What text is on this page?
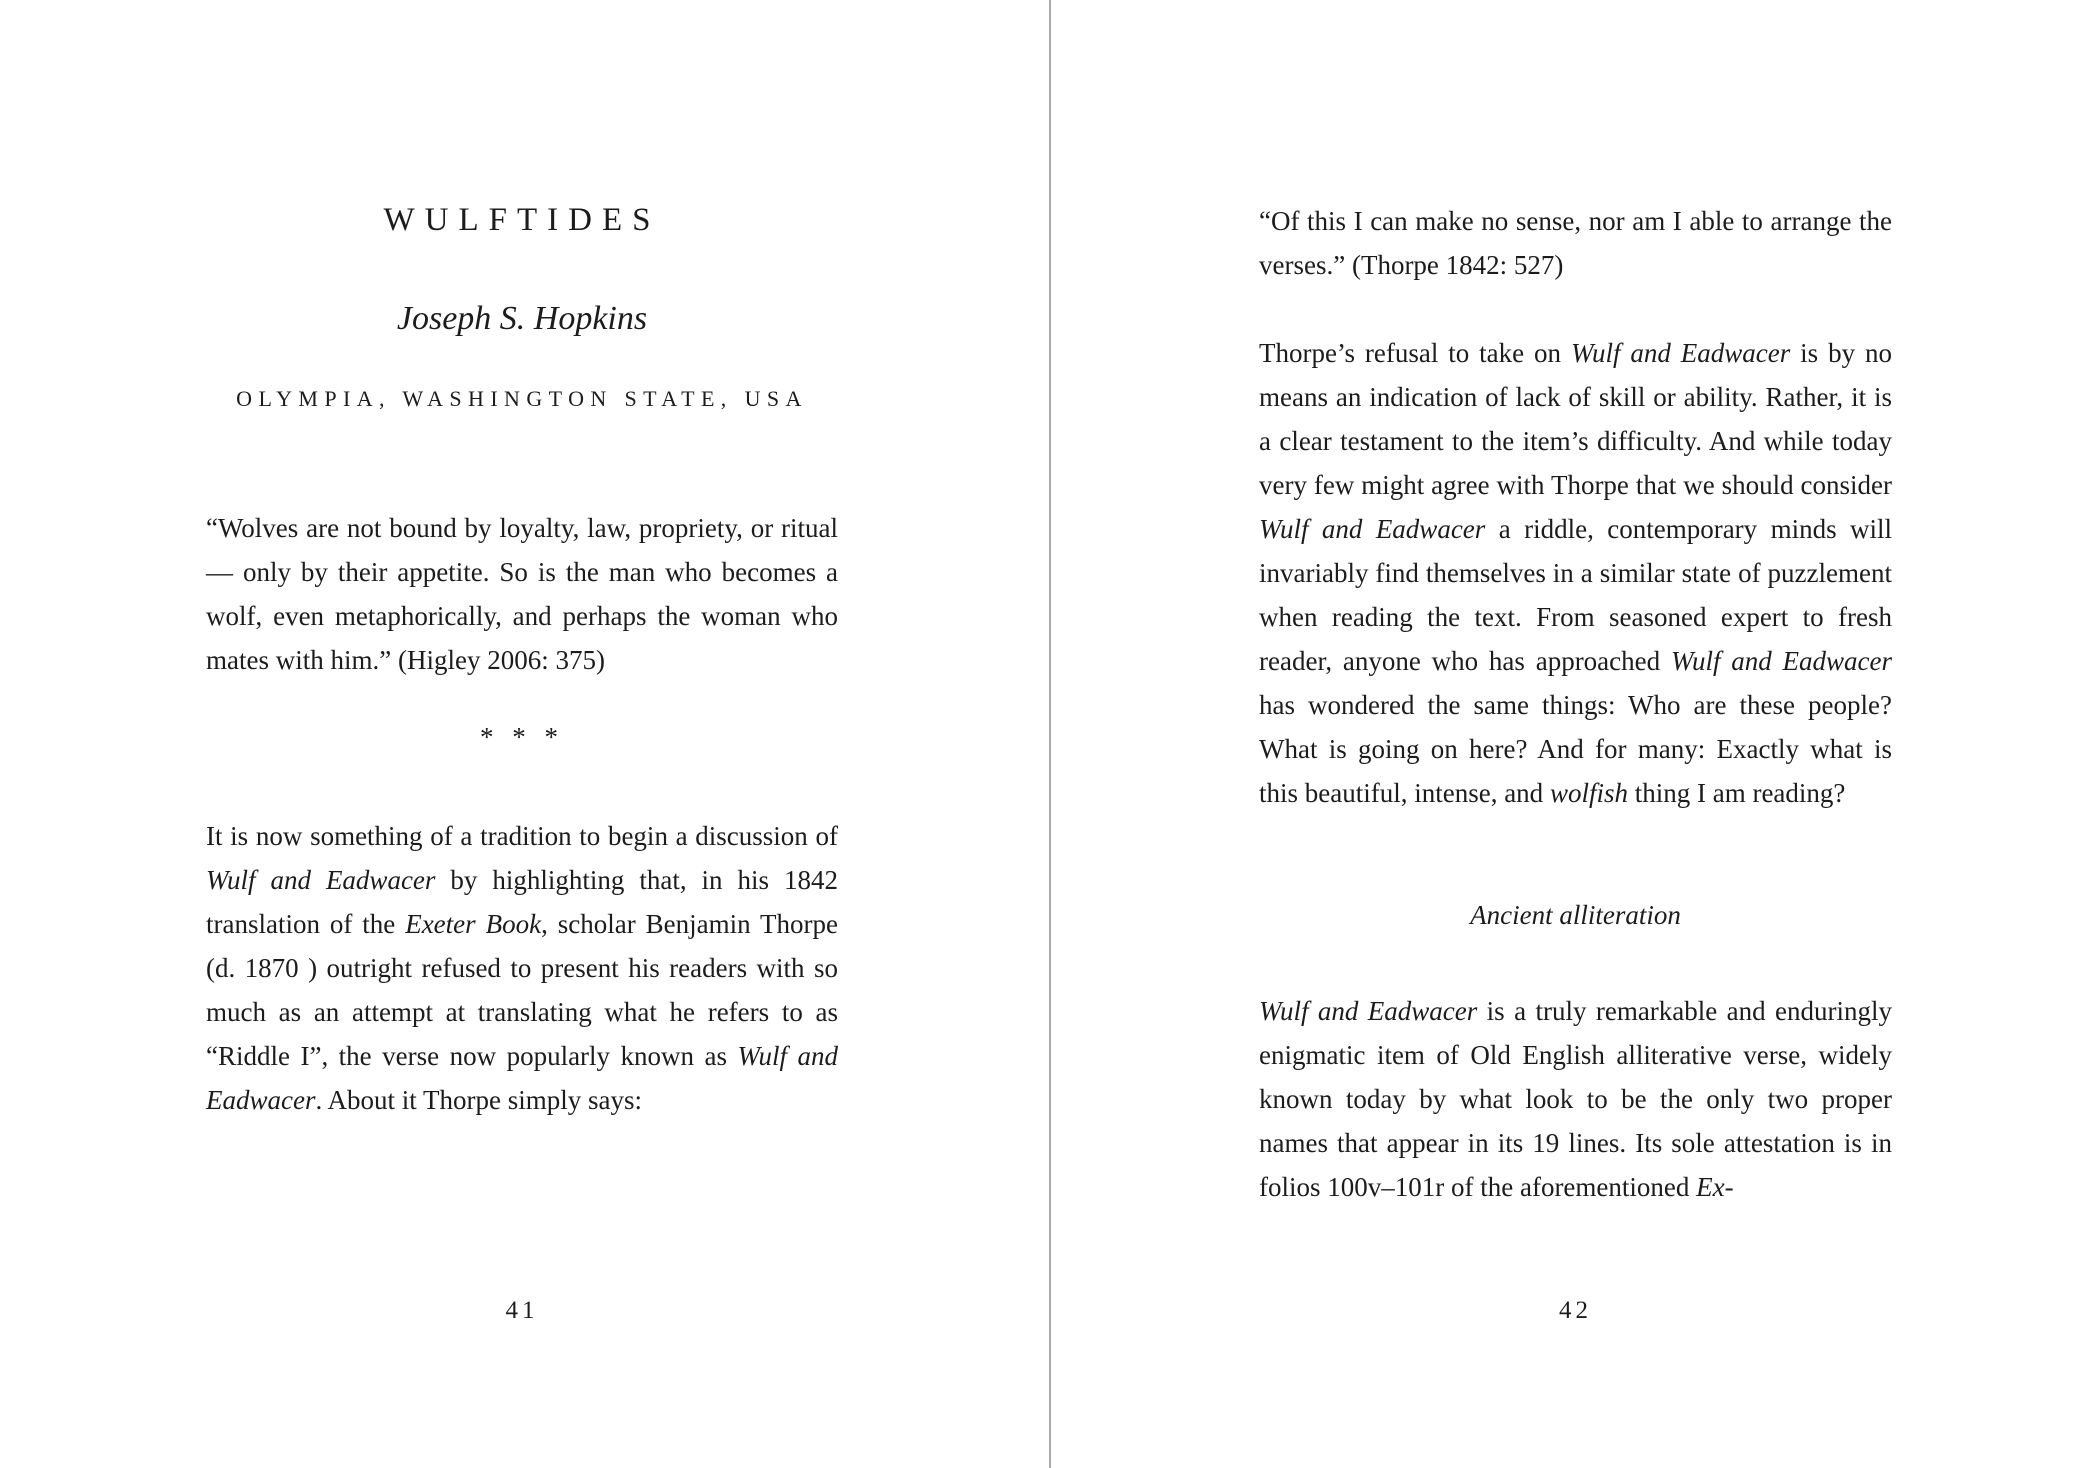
WULFTIDES
Joseph S. Hopkins
OLYMPIA, WASHINGTON STATE, USA

“Wolves are not bound by loyalty, law, propriety, or ritual — only by their appetite. So is the man who becomes a wolf, even metaphorically, and perhaps the woman who mates with him.” (Higley 2006: 375)

* * *

It is now something of a tradition to begin a discussion of Wulf and Eadwacer by highlighting that, in his 1842 translation of the Exeter Book, scholar Benjamin Thorpe (d. 1870 ) outright refused to present his readers with so much as an attempt at translating what he refers to as “Riddle I”, the verse now popularly known as Wulf and Eadwacer. About it Thorpe simply says:

41

“Of this I can make no sense, nor am I able to arrange the verses.” (Thorpe 1842: 527)

Thorpe’s refusal to take on Wulf and Eadwacer is by no means an indication of lack of skill or ability. Rather, it is a clear testament to the item’s difficulty. And while today very few might agree with Thorpe that we should consider Wulf and Eadwacer a riddle, contemporary minds will invariably find themselves in a similar state of puzzlement when reading the text. From seasoned expert to fresh reader, anyone who has approached Wulf and Eadwacer has wondered the same things: Who are these people? What is going on here? And for many: Exactly what is this beautiful, intense, and wolfish thing I am reading?

Ancient alliteration

Wulf and Eadwacer is a truly remarkable and enduringly enigmatic item of Old English alliterative verse, widely known today by what look to be the only two proper names that appear in its 19 lines. Its sole attestation is in folios 100v–101r of the aforementioned Ex-

42
